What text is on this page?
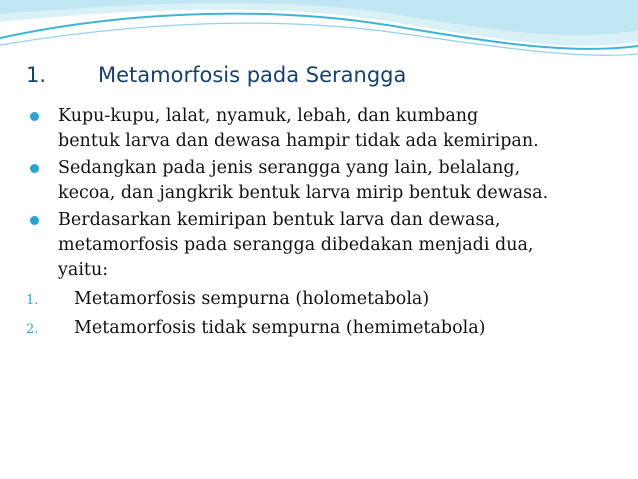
1. Metamorfosis pada Serangga
Kupu-kupu, lalat, nyamuk, lebah, dan kumbang
bentuk larva dan dewasa hampir tidak ada kemiripan.
Sedangkan pada jenis serangga yang lain, belalang,
kecoa, dan jangkrik bentuk larva mirip bentuk dewasa.
Berdasarkan kemiripan bentuk larva dan dewasa,
metamorfosis pada serangga dibedakan menjadi dua,
yaitu:
1. Metamorfosis sempurna (holometabola)
2. Metamorfosis tidak sempurna (hemimetabola)
